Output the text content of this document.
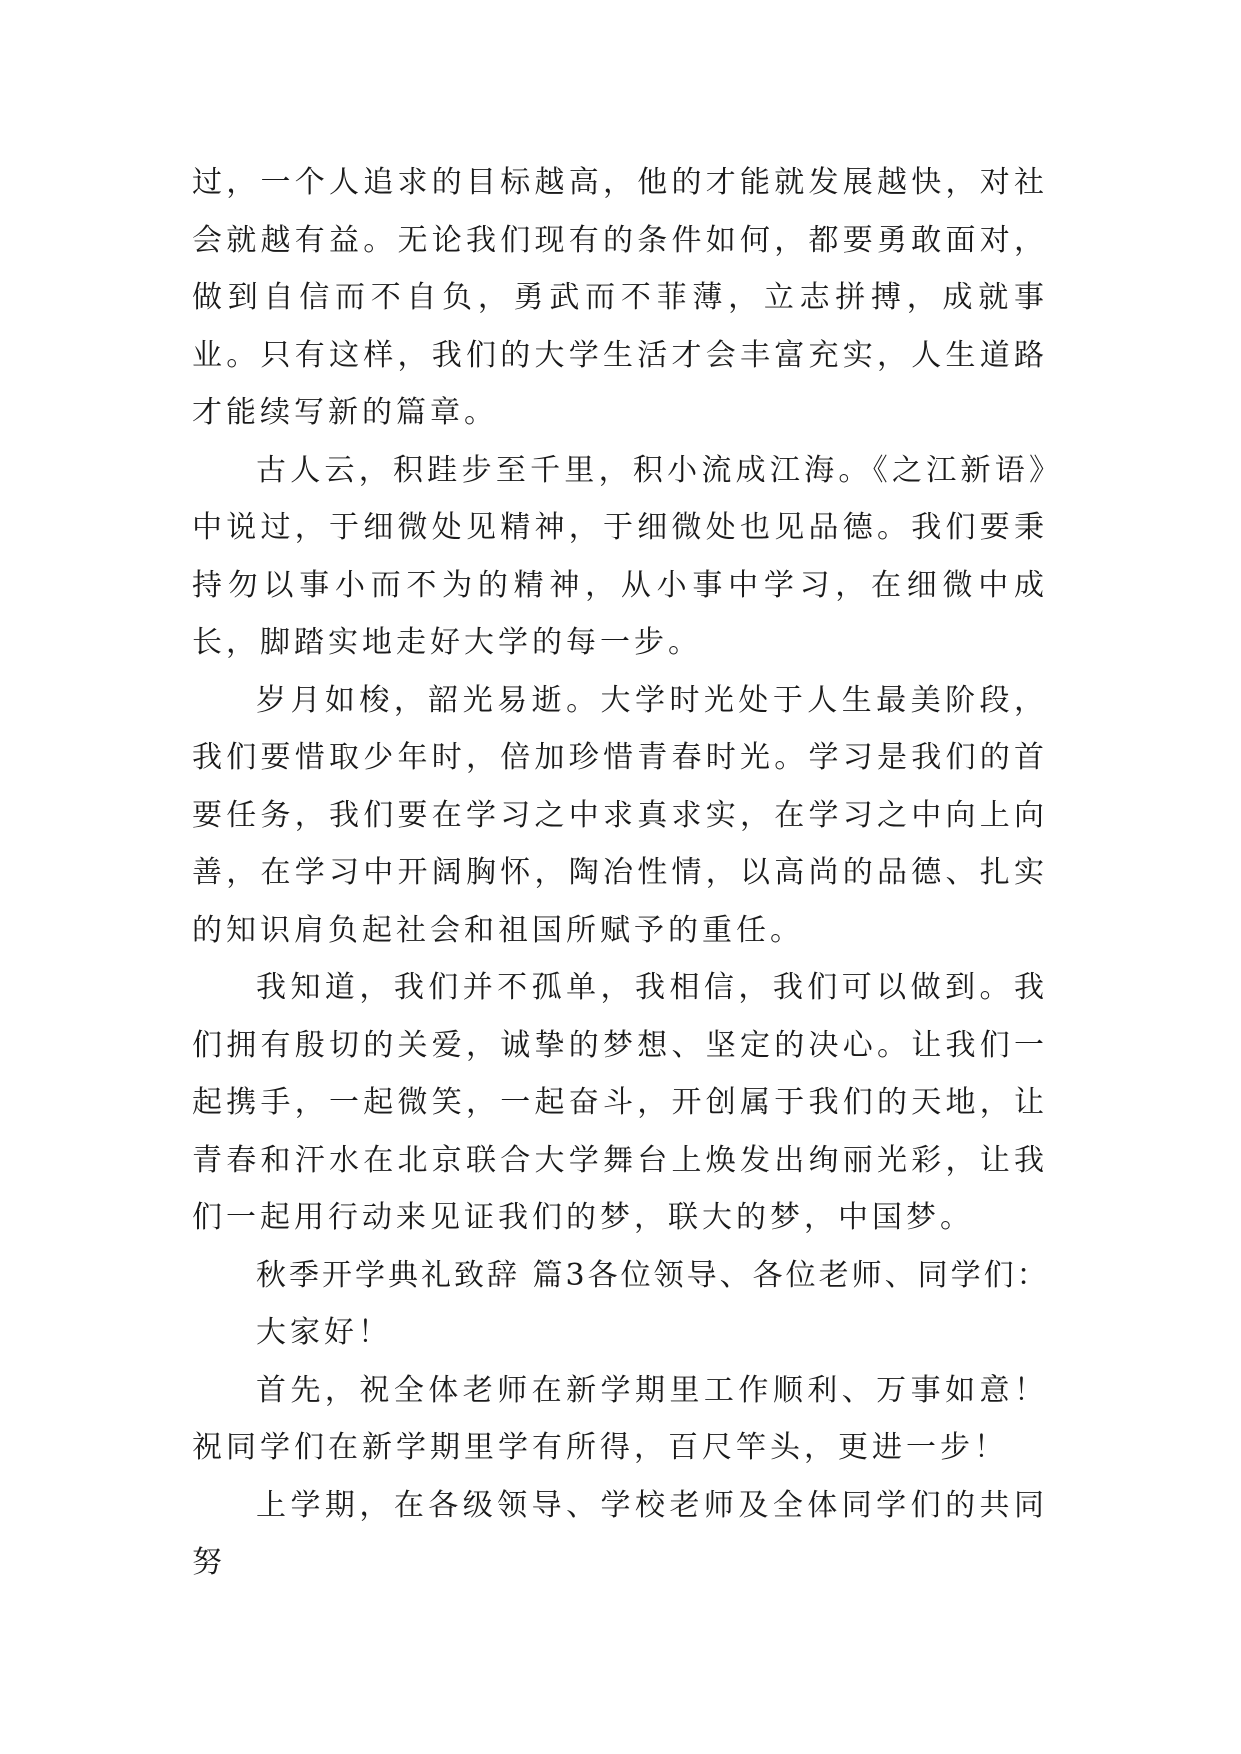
过，一个人追求的目标越高，他的才能就发展越快，对社会就越有益。无论我们现有的条件如何，都要勇敢面对，做到自信而不自负，勇武而不菲薄，立志拼搏，成就事业。只有这样，我们的大学生活才会丰富充实，人生道路才能续写新的篇章。

古人云，积跬步至千里，积小流成江海。《之江新语》中说过，于细微处见精神，于细微处也见品德。我们要秉持勿以事小而不为的精神，从小事中学习，在细微中成长，脚踏实地走好大学的每一步。

岁月如梭，韶光易逝。大学时光处于人生最美阶段，我们要惜取少年时，倍加珍惜青春时光。学习是我们的首要任务，我们要在学习之中求真求实，在学习之中向上向善，在学习中开阔胸怀，陶冶性情，以高尚的品德、扎实的知识肩负起社会和祖国所赋予的重任。

我知道，我们并不孤单，我相信，我们可以做到。我们拥有殷切的关爱，诚挚的梦想、坚定的决心。让我们一起携手，一起微笑，一起奋斗，开创属于我们的天地，让青春和汗水在北京联合大学舞台上焕发出绚丽光彩，让我们一起用行动来见证我们的梦，联大的梦，中国梦。

秋季开学典礼致辞 篇3各位领导、各位老师、同学们：

大家好！

首先，祝全体老师在新学期里工作顺利、万事如意！祝同学们在新学期里学有所得，百尺竿头，更进一步！

上学期，在各级领导、学校老师及全体同学们的共同努
